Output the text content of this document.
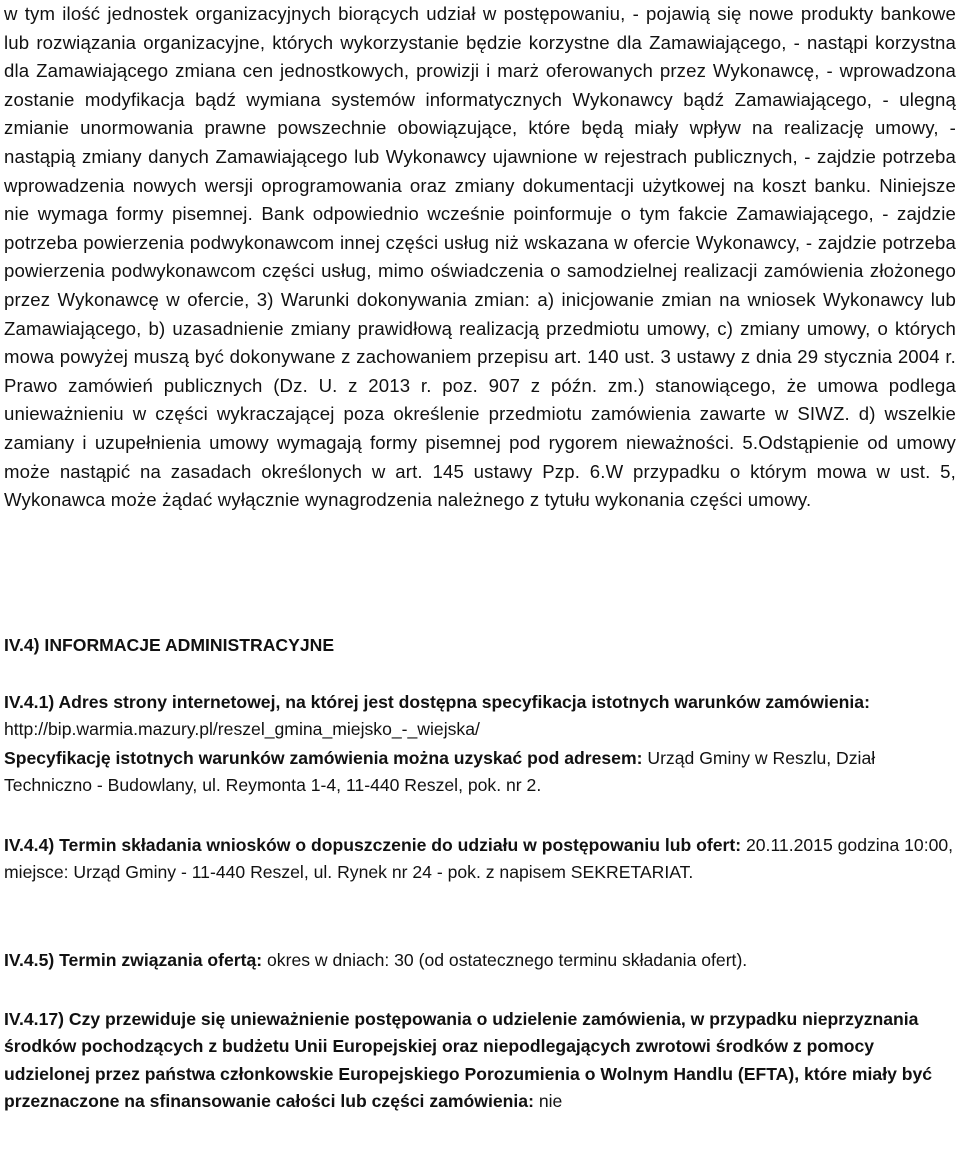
w tym ilość jednostek organizacyjnych biorących udział w postępowaniu, - pojawią się nowe produkty bankowe lub rozwiązania organizacyjne, których wykorzystanie będzie korzystne dla Zamawiającego, - nastąpi korzystna dla Zamawiającego zmiana cen jednostkowych, prowizji i marż oferowanych przez Wykonawcę, - wprowadzona zostanie modyfikacja bądź wymiana systemów informatycznych Wykonawcy bądź Zamawiającego, - ulegną zmianie unormowania prawne powszechnie obowiązujące, które będą miały wpływ na realizację umowy, - nastąpią zmiany danych Zamawiającego lub Wykonawcy ujawnione w rejestrach publicznych, - zajdzie potrzeba wprowadzenia nowych wersji oprogramowania oraz zmiany dokumentacji użytkowej na koszt banku. Niniejsze nie wymaga formy pisemnej. Bank odpowiednio wcześnie poinformuje o tym fakcie Zamawiającego, - zajdzie potrzeba powierzenia podwykonawcom innej części usług niż wskazana w ofercie Wykonawcy, - zajdzie potrzeba powierzenia podwykonawcom części usług, mimo oświadczenia o samodzielnej realizacji zamówienia złożonego przez Wykonawcę w ofercie, 3) Warunki dokonywania zmian: a) inicjowanie zmian na wniosek Wykonawcy lub Zamawiającego, b) uzasadnienie zmiany prawidłową realizacją przedmiotu umowy, c) zmiany umowy, o których mowa powyżej muszą być dokonywane z zachowaniem przepisu art. 140 ust. 3 ustawy z dnia 29 stycznia 2004 r. Prawo zamówień publicznych (Dz. U. z 2013 r. poz. 907 z późn. zm.) stanowiącego, że umowa podlega unieważnieniu w części wykraczającej poza określenie przedmiotu zamówienia zawarte w SIWZ. d) wszelkie zamiany i uzupełnienia umowy wymagają formy pisemnej pod rygorem nieważności. 5.Odstąpienie od umowy może nastąpić na zasadach określonych w art. 145 ustawy Pzp. 6.W przypadku o którym mowa w ust. 5, Wykonawca może żądać wyłącznie wynagrodzenia należnego z tytułu wykonania części umowy.

IV.4) INFORMACJE ADMINISTRACYJNE

IV.4.1) Adres strony internetowej, na której jest dostępna specyfikacja istotnych warunków zamówienia: http://bip.warmia.mazury.pl/reszel_gmina_miejsko_-_wiejska/

Specyfikację istotnych warunków zamówienia można uzyskać pod adresem: Urząd Gminy w Reszlu, Dział Techniczno - Budowlany, ul. Reymonta 1-4, 11-440 Reszel, pok. nr 2.

IV.4.4) Termin składania wniosków o dopuszczenie do udziału w postępowaniu lub ofert: 20.11.2015 godzina 10:00, miejsce: Urząd Gminy - 11-440 Reszel, ul. Rynek nr 24 - pok. z napisem SEKRETARIAT.

IV.4.5) Termin związania ofertą: okres w dniach: 30 (od ostatecznego terminu składania ofert).

IV.4.17) Czy przewiduje się unieważnienie postępowania o udzielenie zamówienia, w przypadku nieprzyznania środków pochodzących z budżetu Unii Europejskiej oraz niepodlegających zwrotowi środków z pomocy udzielonej przez państwa członkowskie Europejskiego Porozumienia o Wolnym Handlu (EFTA), które miały być przeznaczone na sfinansowanie całości lub części zamówienia: nie
